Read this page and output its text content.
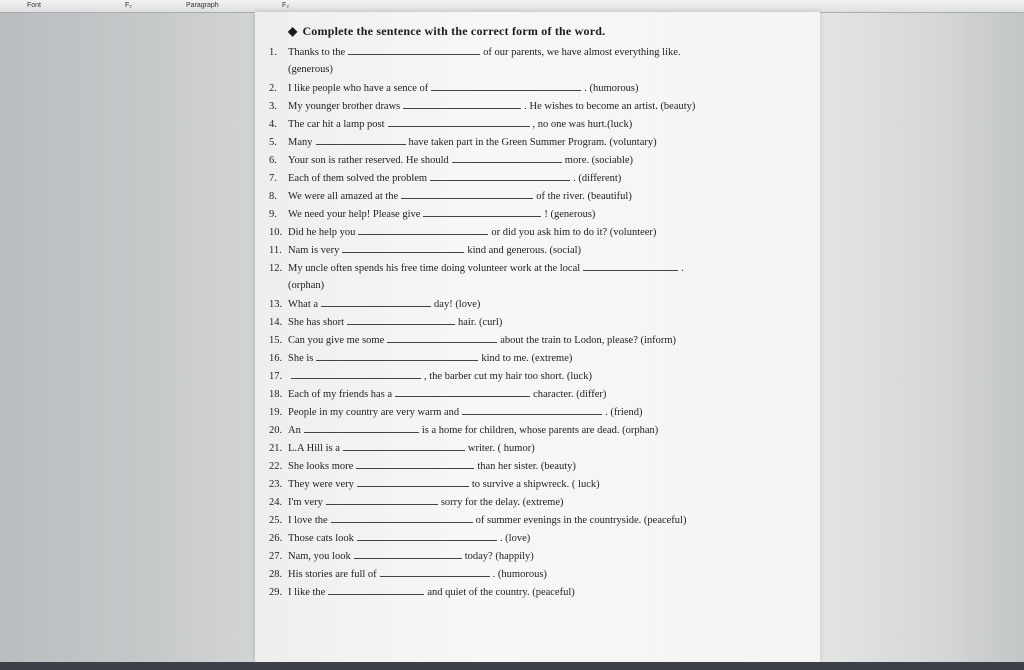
Font	F₂	Paragraph	F₂
◆ Complete the sentence with the correct form of the word.
1. Thanks to the	of our parents, we have almost everything like.
(generous)
2. I like people who have a sence of	. (humorous)
3. My younger brother draws	. He wishes to become an artist. (beauty)
4. The car hit a lamp post	, no one was hurt.(luck)
5. Many	have taken part in the Green Summer Program. (voluntary)
6. Your son is rather reserved. He should	more. (sociable)
7. Each of them solved the problem	. (different)
8. We were all amazed at the	of the river. (beautiful)
9. We need your help! Please give	! (generous)
10. Did he help you	or did you ask him to do it? (volunteer)
11. Nam is very	kind and generous. (social)
12. My uncle often spends his free time doing volunteer work at the local	.
(orphan)
13. What a	day! (love)
14. She has short	hair. (curl)
15. Can you give me some	about the train to Lodon, please? (inform)
16. She is	kind to me. (extreme)
17.	, the barber cut my hair too short. (luck)
18. Each of my friends has a	character. (differ)
19. People in my country are very warm and	. (friend)
20. An	is a home for children, whose parents are dead. (orphan)
21. L.A Hill is a	writer. ( humor)
22. She looks more	than her sister. (beauty)
23. They were very	to survive a shipwreck. ( luck)
24. I'm very	sorry for the delay. (extreme)
25. I love the	of summer evenings in the countryside. (peaceful)
26. Those cats look	. (love)
27. Nam, you look	today? (happily)
28. His stories are full of	. (humorous)
29. I like the	and quiet of the country. (peaceful)
